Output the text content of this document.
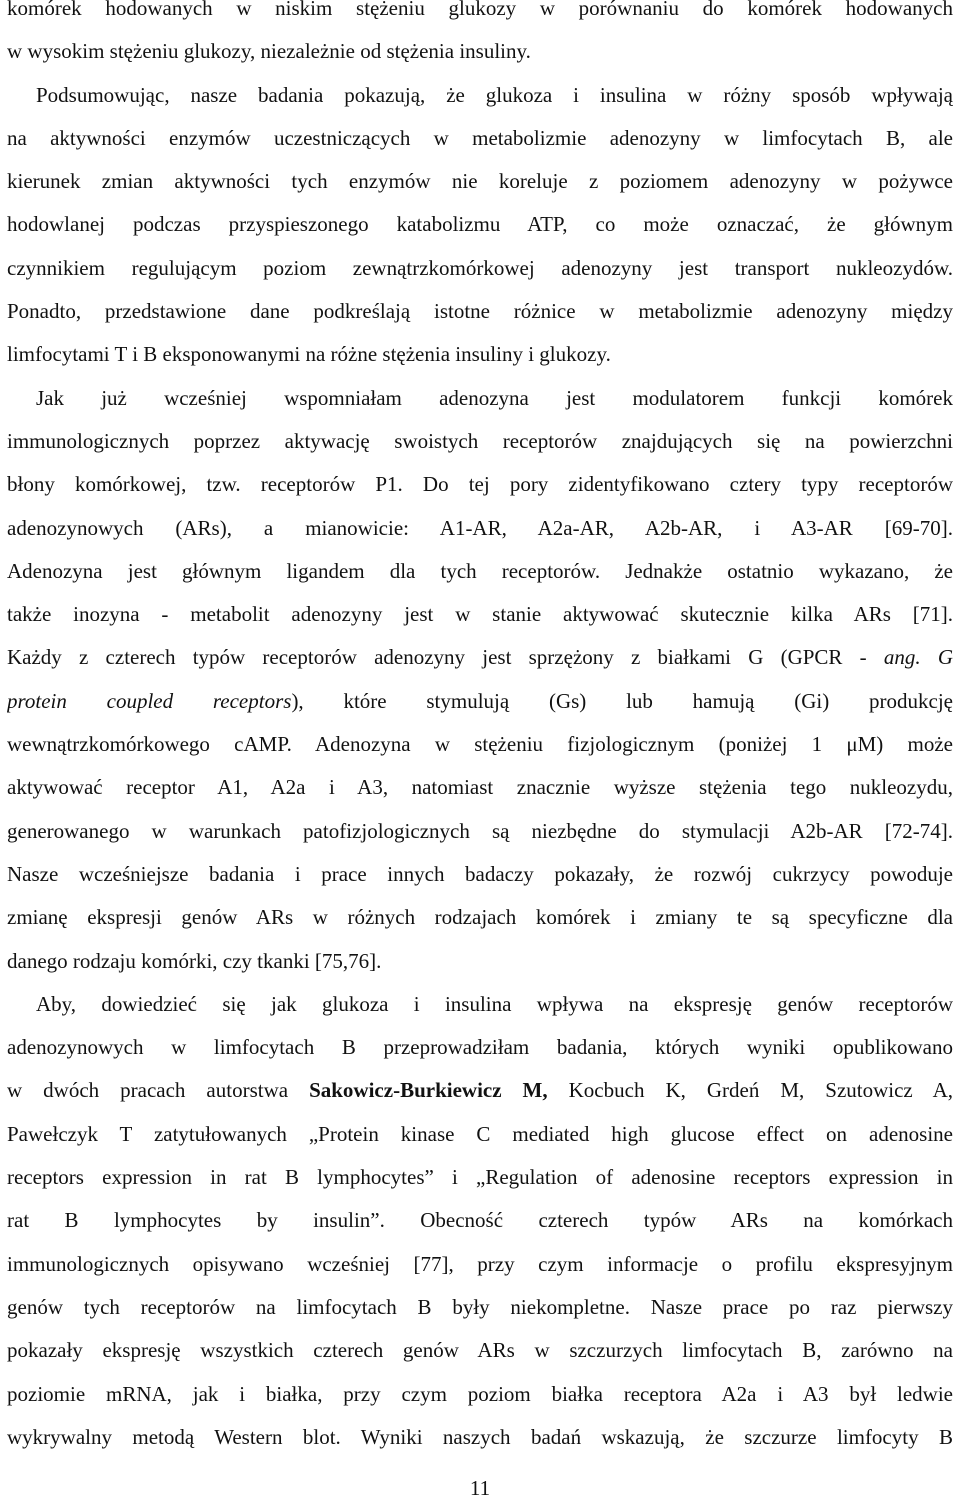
komórek hodowanych w niskim stężeniu glukozy w porównaniu do komórek hodowanych
w wysokim stężeniu glukozy, niezależnie od stężenia insuliny.
Podsumowując, nasze badania pokazują, że glukoza i insulina w różny sposób wpływają
na aktywności enzymów uczestniczących w metabolizmie adenozyny w limfocytach B, ale
kierunek zmian aktywności tych enzymów nie koreluje z poziomem adenozyny w pożywce
hodowlanej podczas przyspieszonego katabolizmu ATP, co może oznaczać, że głównym
czynnikiem regulującym poziom zewnątrzkomórkowej adenozyny jest transport nukleozydów.
Ponadto, przedstawione dane podkreślają istotne różnice w metabolizmie adenozyny między
limfocytami T i B eksponowanymi na różne stężenia insuliny i glukozy.
Jak już wcześniej wspomniałam adenozyna jest modulatorem funkcji komórek
immunologicznych poprzez aktywację swoistych receptorów znajdujących się na powierzchni
błony komórkowej, tzw. receptorów P1. Do tej pory zidentyfikowano cztery typy receptorów
adenozynowych (ARs), a mianowicie: A1-AR, A2a-AR, A2b-AR, i A3-AR [69-70].
Adenozyna jest głównym ligandem dla tych receptorów. Jednakże ostatnio wykazano, że
także inozyna - metabolit adenozyny jest w stanie aktywować skutecznie kilka ARs [71].
Każdy z czterech typów receptorów adenozyny jest sprzężony z białkami G (GPCR - ang. G
protein coupled receptors), które stymulują (Gs) lub hamują (Gi) produkcję
wewnątrzkomórkowego cAMP. Adenozyna w stężeniu fizjologicznym (poniżej 1 μM) może
aktywować receptor A1, A2a i A3, natomiast znacznie wyższe stężenia tego nukleozydu,
generowanego w warunkach patofizjologicznych są niezbędne do stymulacji A2b-AR [72-74].
Nasze wcześniejsze badania i prace innych badaczy pokazały, że rozwój cukrzycy powoduje
zmianę ekspresji genów ARs w różnych rodzajach komórek i zmiany te są specyficzne dla
danego rodzaju komórki, czy tkanki [75,76].
Aby, dowiedzieć się jak glukoza i insulina wpływa na ekspresję genów receptorów
adenozynowych w limfocytach B przeprowadziłam badania, których wyniki opublikowano
w dwóch pracach autorstwa Sakowicz-Burkiewicz M, Kocbuch K, Grdeń M, Szutowicz A,
Pawełczyk T zatytułowanych „Protein kinase C mediated high glucose effect on adenosine
receptors expression in rat B lymphocytes” i „Regulation of adenosine receptors expression in
rat B lymphocytes by insulin”. Obecność czterech typów ARs na komórkach
immunologicznych opisywano wcześniej [77], przy czym informacje o profilu ekspresyjnym
genów tych receptorów na limfocytach B były niekompletne. Nasze prace po raz pierwszy
pokazały ekspresję wszystkich czterech genów ARs w szczurzych limfocytach B, zarówno na
poziomie mRNA, jak i białka, przy czym poziom białka receptora A2a i A3 był ledwie
wykrywalny metodą Western blot. Wyniki naszych badań wskazują, że szczurze limfocyty B

11
